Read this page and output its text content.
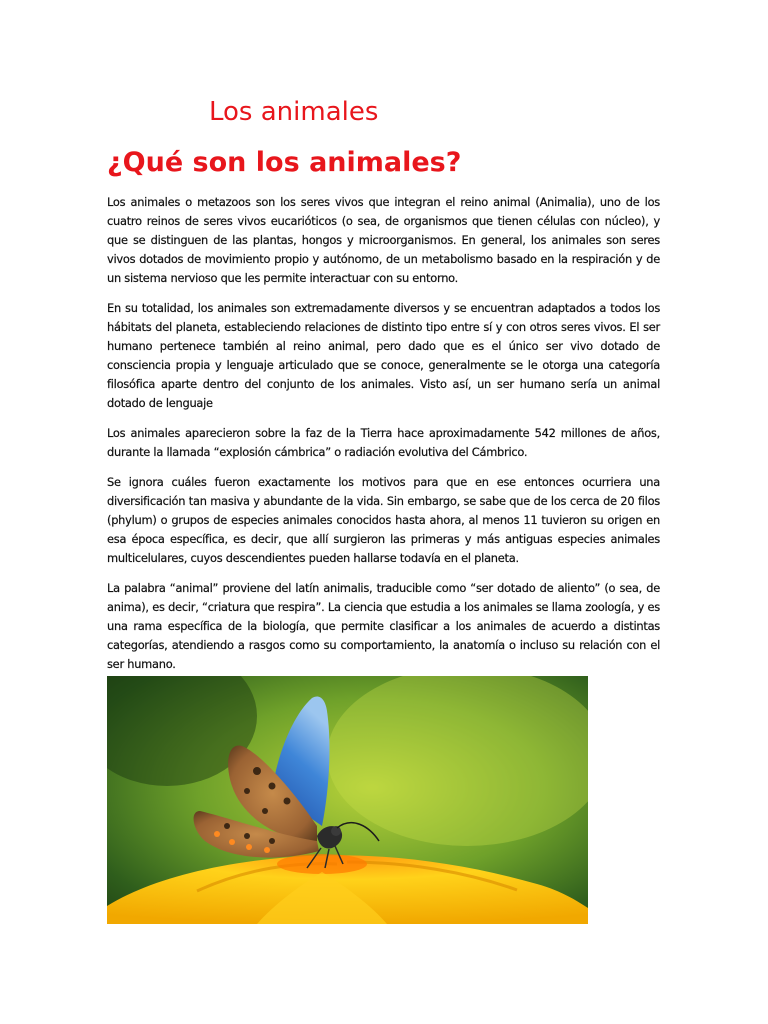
Los animales
¿Qué son los animales?

Los animales o metazoos son los seres vivos que integran el reino animal (Animalia), uno de los cuatro reinos de seres vivos eucarióticos (o sea, de organismos que tienen células con núcleo), y que se distinguen de las plantas, hongos y microorganismos. En general, los animales son seres vivos dotados de movimiento propio y autónomo, de un metabolismo basado en la respiración y de un sistema nervioso que les permite interactuar con su entorno.

En su totalidad, los animales son extremadamente diversos y se encuentran adaptados a todos los hábitats del planeta, estableciendo relaciones de distinto tipo entre sí y con otros seres vivos. El ser humano pertenece también al reino animal, pero dado que es el único ser vivo dotado de consciencia propia y lenguaje articulado que se conoce, generalmente se le otorga una categoría filosófica aparte dentro del conjunto de los animales. Visto así, un ser humano sería un animal dotado de lenguaje

Los animales aparecieron sobre la faz de la Tierra hace aproximadamente 542 millones de años, durante la llamada “explosión cámbrica” o radiación evolutiva del Cámbrico.

Se ignora cuáles fueron exactamente los motivos para que en ese entonces ocurriera una diversificación tan masiva y abundante de la vida. Sin embargo, se sabe que de los cerca de 20 filos (phylum) o grupos de especies animales conocidos hasta ahora, al menos 11 tuvieron su origen en esa época específica, es decir, que allí surgieron las primeras y más antiguas especies animales multicelulares, cuyos descendientes pueden hallarse todavía en el planeta.

La palabra “animal” proviene del latín animalis, traducible como “ser dotado de aliento” (o sea, de anima), es decir, “criatura que respira”. La ciencia que estudia a los animales se llama zoología, y es una rama específica de la biología, que permite clasificar a los animales de acuerdo a distintas categorías, atendiendo a rasgos como su comportamiento, la anatomía o incluso su relación con el ser humano.
